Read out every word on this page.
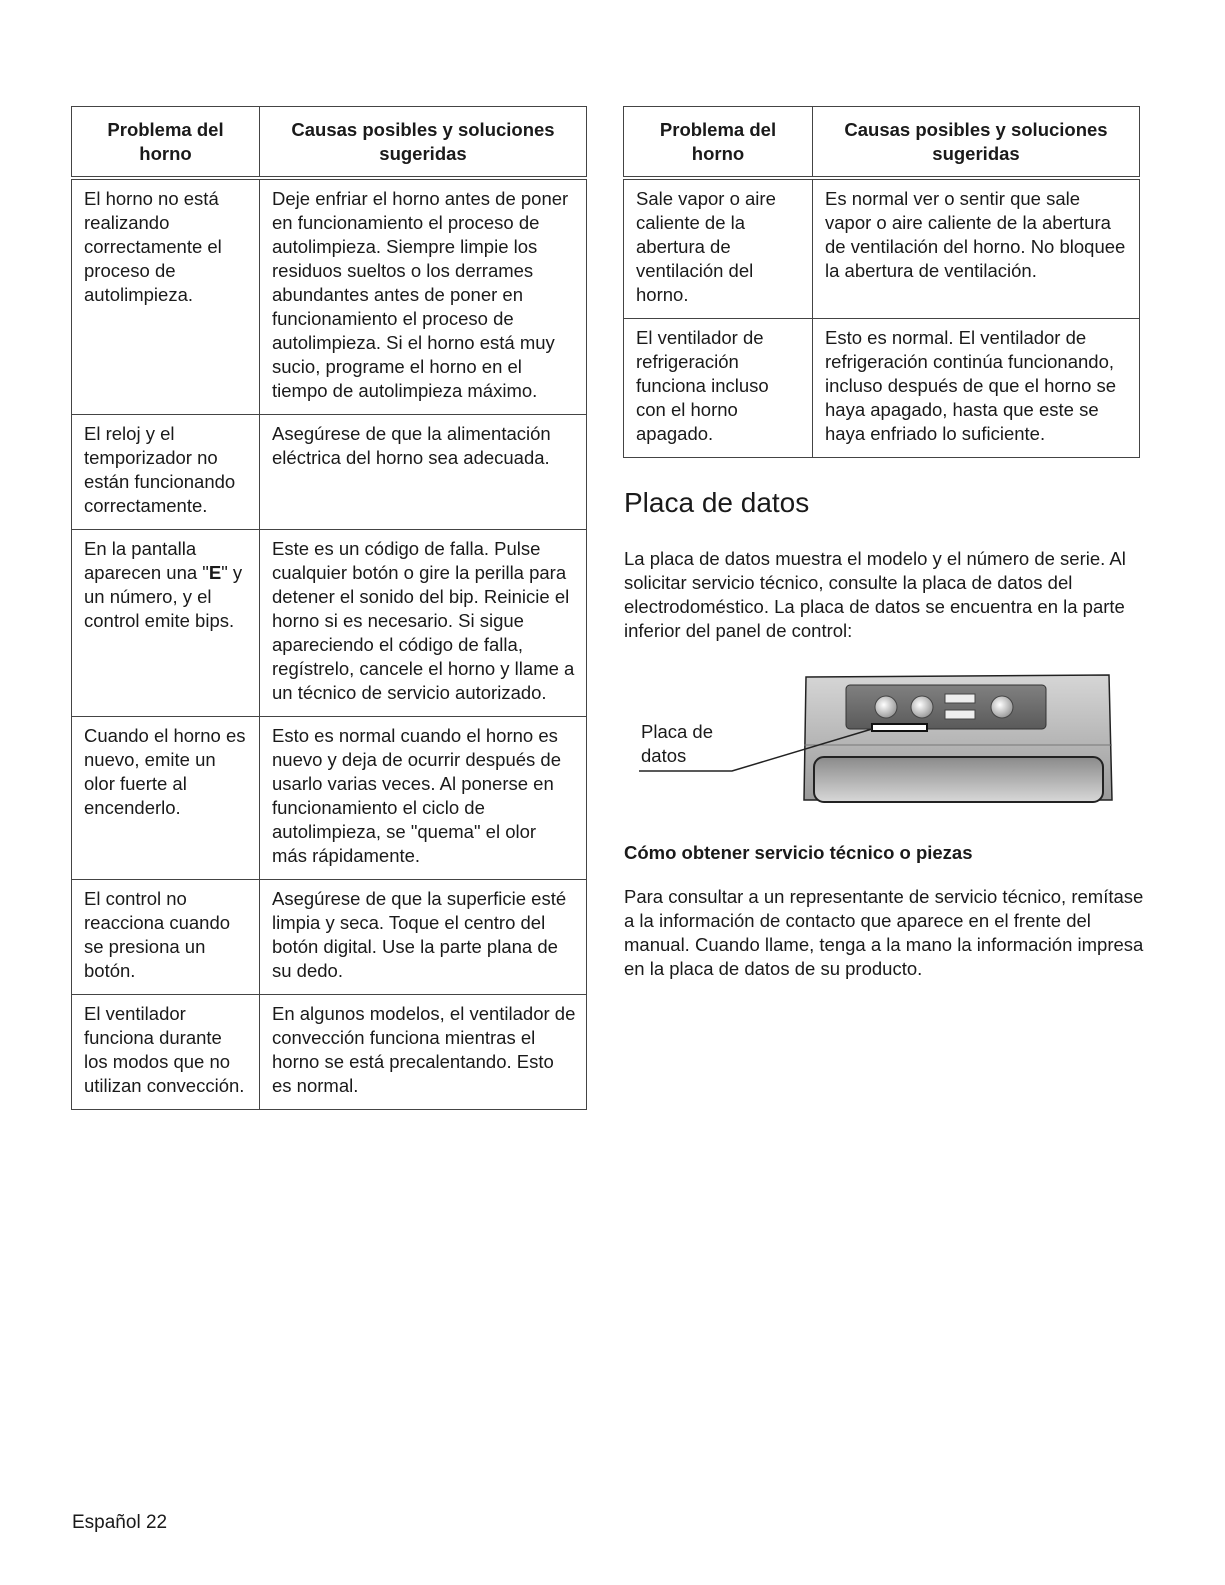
Problema del horno	Causas posibles y soluciones sugeridas
El horno no está realizando correctamente el proceso de autolimpieza.	Deje enfriar el horno antes de poner en funcionamiento el proceso de autolimpieza. Siempre limpie los residuos sueltos o los derrames abundantes antes de poner en funcionamiento el proceso de autolimpieza. Si el horno está muy sucio, programe el horno en el tiempo de autolimpieza máximo.
El reloj y el temporizador no están funcionando correctamente.	Asegúrese de que la alimentación eléctrica del horno sea adecuada.
En la pantalla aparecen una "E" y un número, y el control emite bips.	Este es un código de falla. Pulse cualquier botón o gire la perilla para detener el sonido del bip. Reinicie el horno si es necesario. Si sigue apareciendo el código de falla, regístrelo, cancele el horno y llame a un técnico de servicio autorizado.
Cuando el horno es nuevo, emite un olor fuerte al encenderlo.	Esto es normal cuando el horno es nuevo y deja de ocurrir después de usarlo varias veces. Al ponerse en funcionamiento el ciclo de autolimpieza, se "quema" el olor más rápidamente.
El control no reacciona cuando se presiona un botón.	Asegúrese de que la superficie esté limpia y seca. Toque el centro del botón digital. Use la parte plana de su dedo.
El ventilador funciona durante los modos que no utilizan convección.	En algunos modelos, el ventilador de convección funciona mientras el horno se está precalentando. Esto es normal.
Problema del horno	Causas posibles y soluciones sugeridas
Sale vapor o aire caliente de la abertura de ventilación del horno.	Es normal ver o sentir que sale vapor o aire caliente de la abertura de ventilación del horno. No bloquee la abertura de ventilación.
El ventilador de refrigeración funciona incluso con el horno apagado.	Esto es normal. El ventilador de refrigeración continúa funcionando, incluso después de que el horno se haya apagado, hasta que este se haya enfriado lo suficiente.
Placa de datos

La placa de datos muestra el modelo y el número de serie. Al solicitar servicio técnico, consulte la placa de datos del electrodoméstico. La placa de datos se encuentra en la parte inferior del panel de control:

Placa de
datos
Cómo obtener servicio técnico o piezas

Para consultar a un representante de servicio técnico, remítase a la información de contacto que aparece en el frente del manual. Cuando llame, tenga a la mano la información impresa en la placa de datos de su producto.

Español 22
